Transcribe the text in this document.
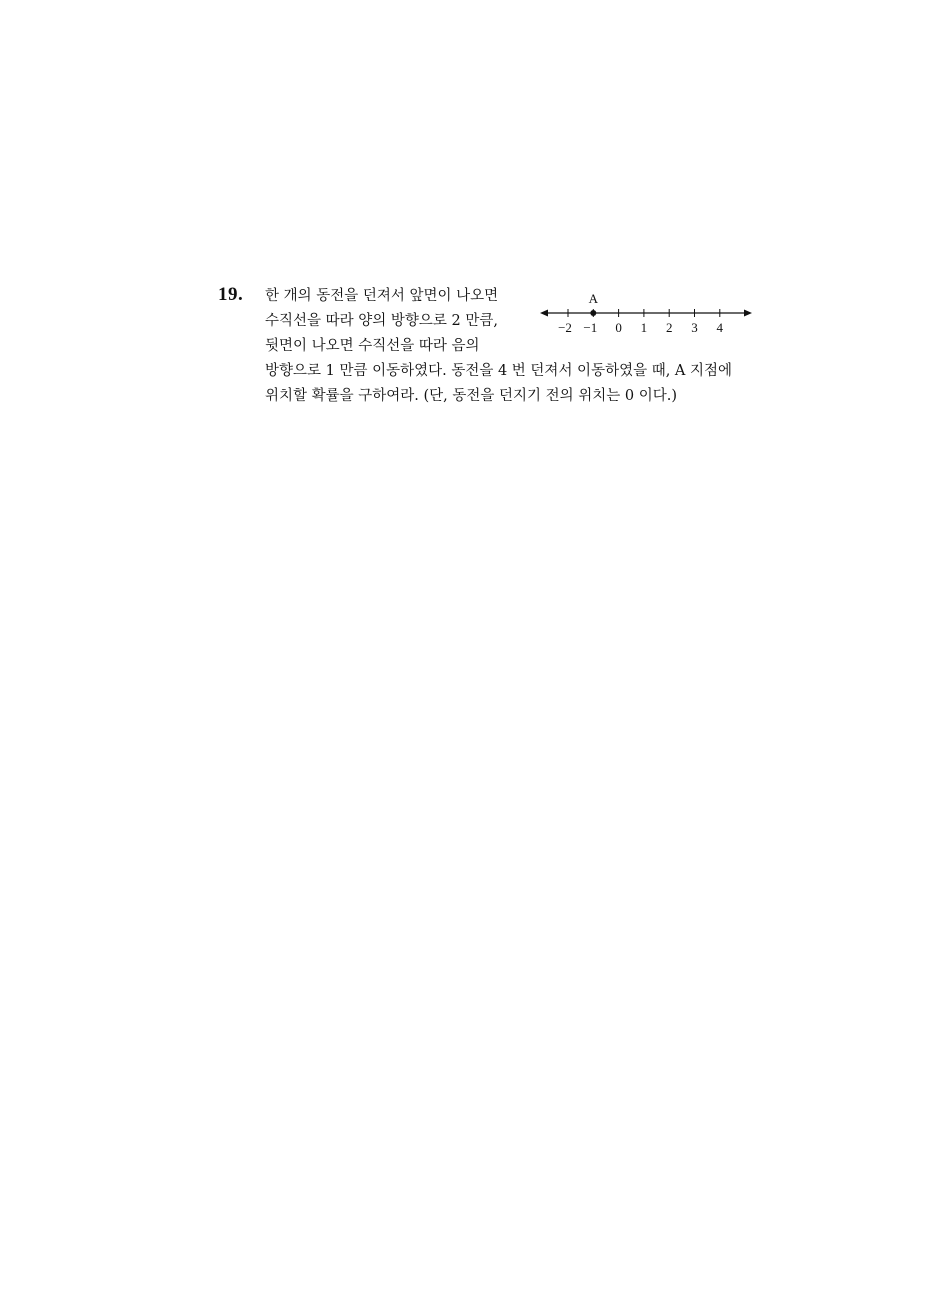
19. 한 개의 동전을 던져서 앞면이 나오면
수직선을 따라 양의 방향으로 2 만큼,
뒷면이 나오면 수직선을 따라 음의
방향으로 1 만큼 이동하였다. 동전을 4 번 던져서 이동하였을 때, A 지점에
위치할 확률을 구하여라. (단, 동전을 던지기 전의 위치는 0 이다.)
−2 −1 0 1 2 3 4
A
